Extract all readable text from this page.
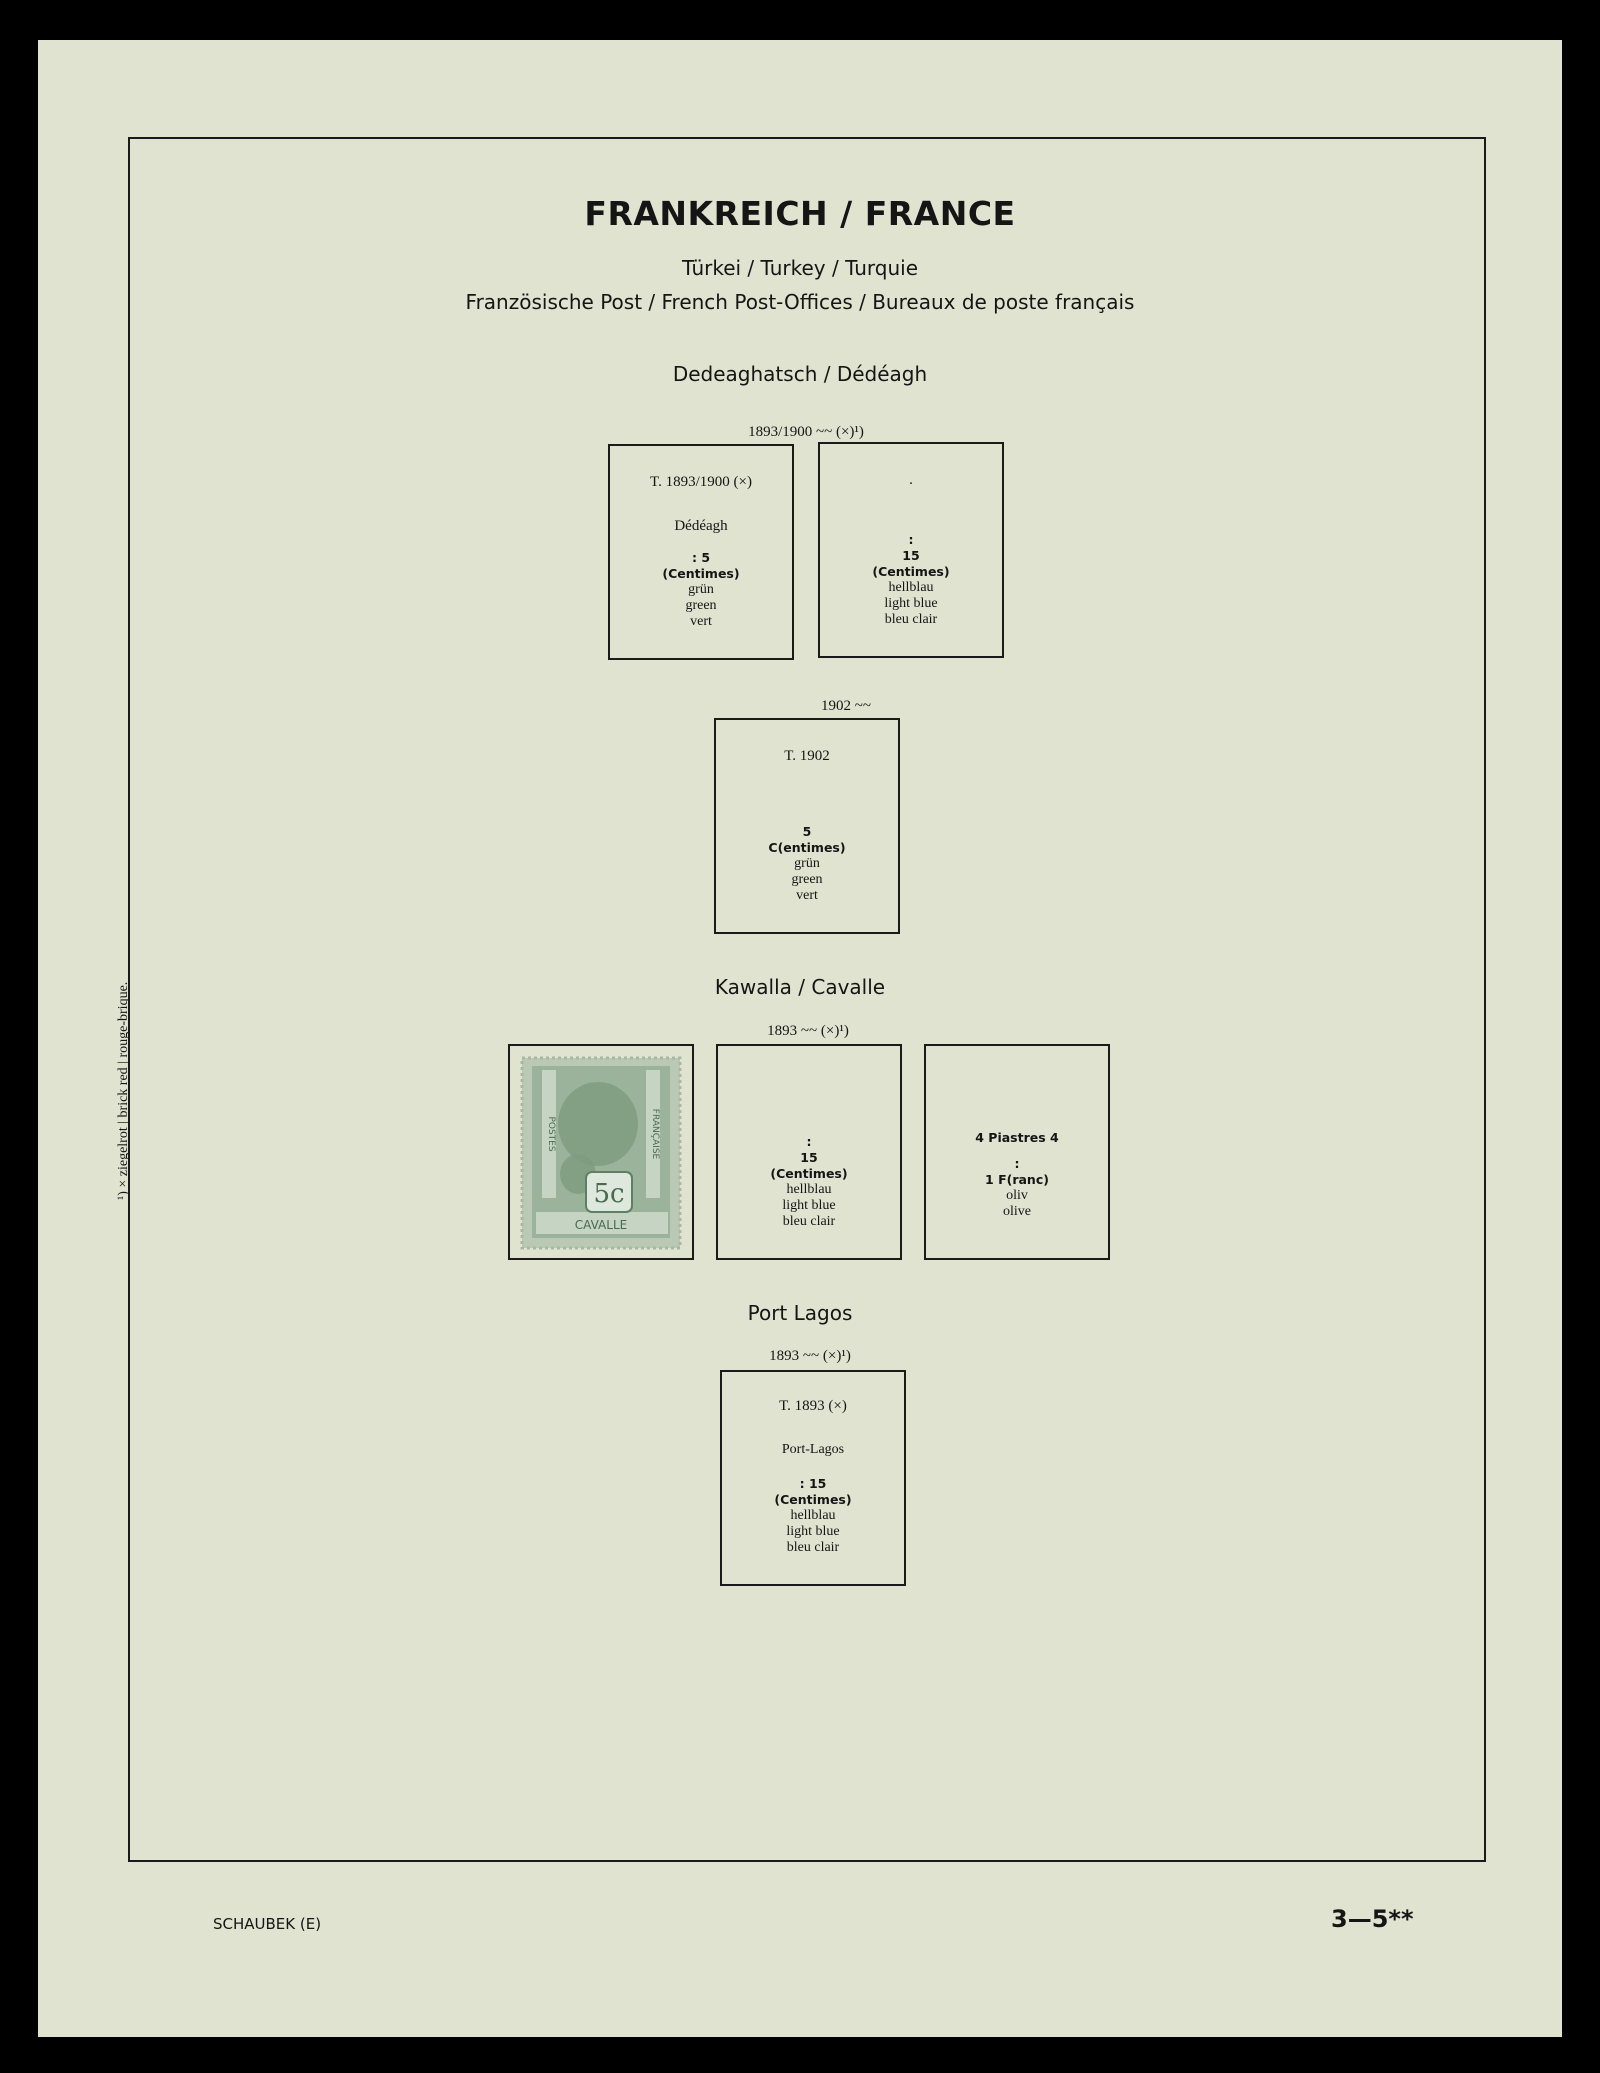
FRANKREICH / FRANCE
Türkei / Turkey / Turquie
Französische Post / French Post-Offices / Bureaux de poste français
Dedeaghatsch / Dédéagh
1893/1900 ~~ (×)¹)
T. 1893/1900 (×)
Dédéagh
: 5
(Centimes)
grün
green
vert
.
:
15
(Centimes)
hellblau
light blue
bleu clair
1902 ~~
T. 1902
5
C(entimes)
grün
green
vert
Kawalla / Cavalle
1893 ~~ (×)¹)
5c
CAVALLE
POSTES	FRANÇAISE	:
15
(Centimes)
hellblau
light blue
bleu clair
4 Piastres 4
:
1 F(ranc)
oliv
olive
Port Lagos
1893 ~~ (×)¹)
T. 1893 (×)
Port-Lagos
: 15
(Centimes)
hellblau
light blue
bleu clair
¹) × ziegelrot | brick red | rouge-brique.
SCHAUBEK (E)	3—5**
